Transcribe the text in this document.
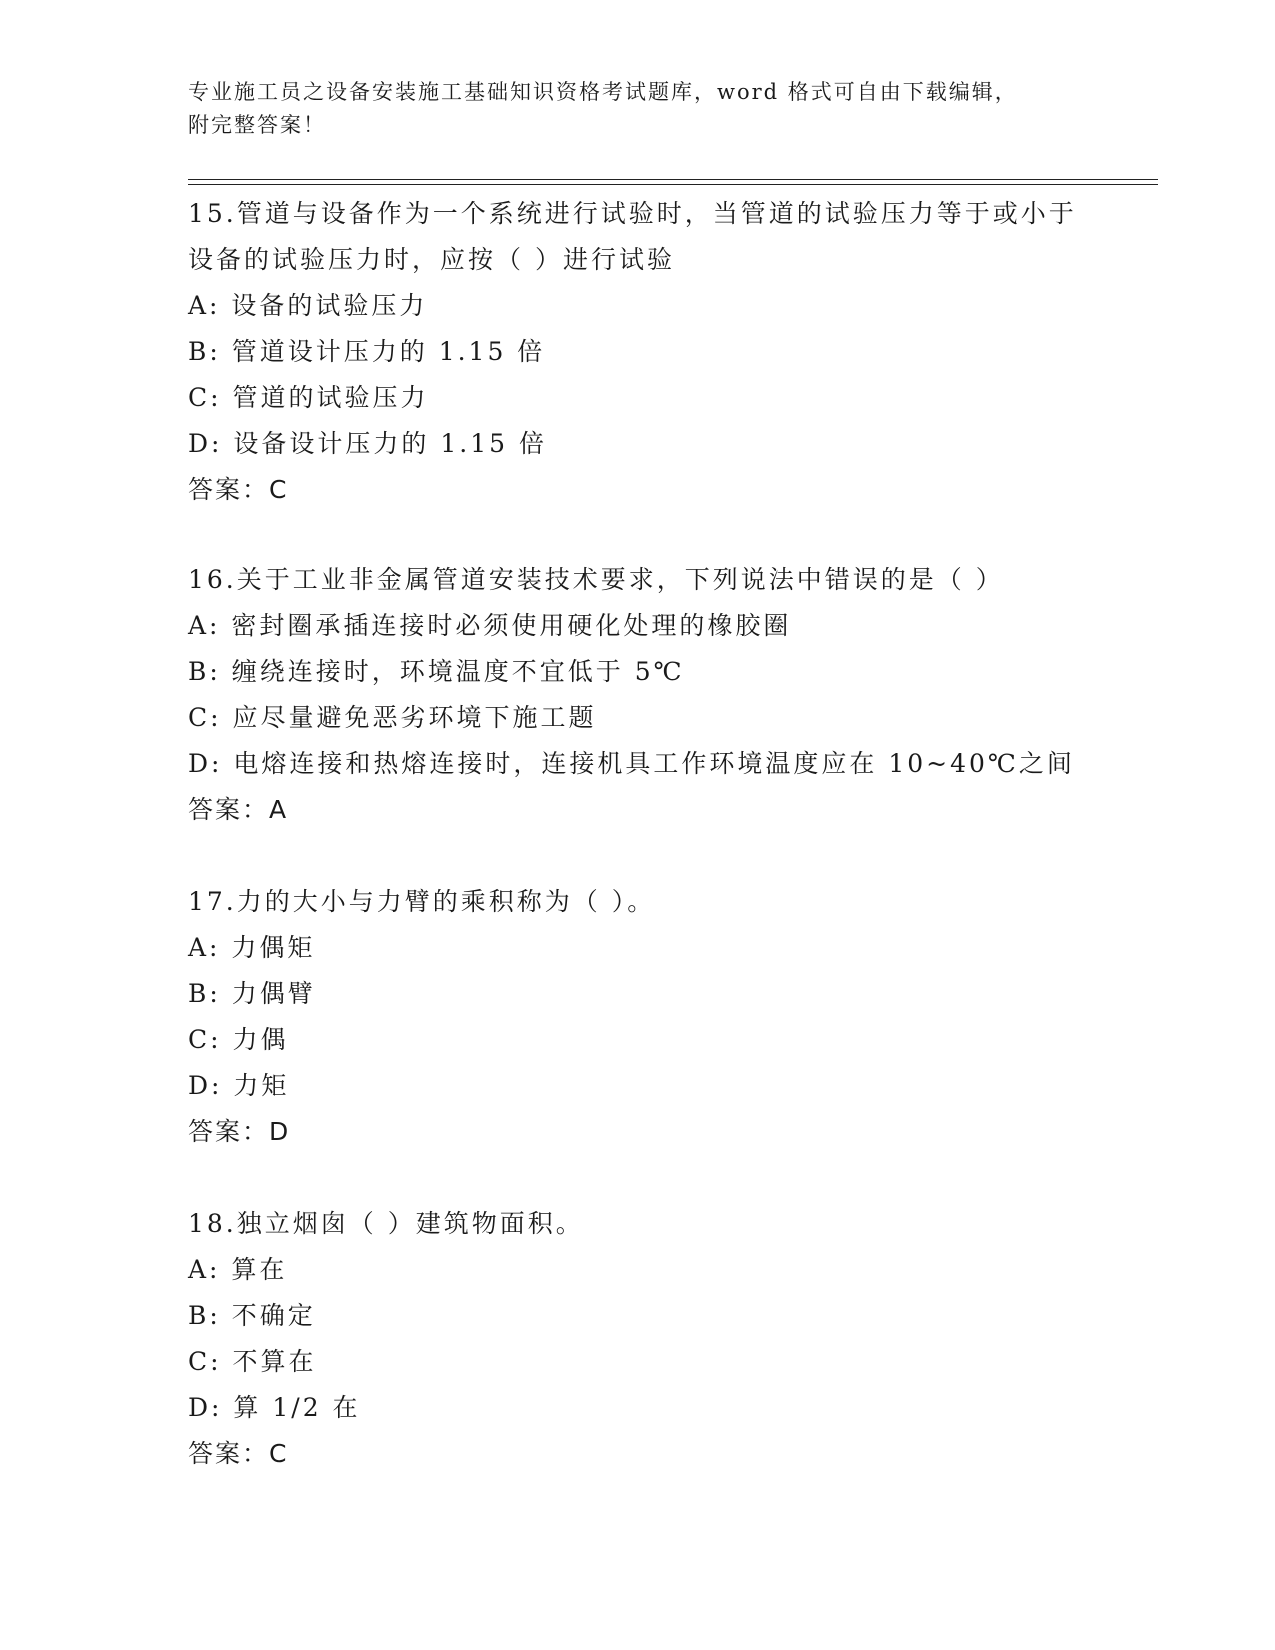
专业施工员之设备安装施工基础知识资格考试题库，word 格式可自由下载编辑，
附完整答案！
15.管道与设备作为一个系统进行试验时，当管道的试验压力等于或小于设备的试验压力时，应按（ ）进行试验
A: 设备的试验压力
B: 管道设计压力的 1.15 倍
C: 管道的试验压力
D: 设备设计压力的 1.15 倍
答案：C
16.关于工业非金属管道安装技术要求，下列说法中错误的是（ ）
A: 密封圈承插连接时必须使用硬化处理的橡胶圈
B: 缠绕连接时，环境温度不宜低于 5℃
C: 应尽量避免恶劣环境下施工题
D: 电熔连接和热熔连接时，连接机具工作环境温度应在 10~40℃之间
答案：A
17.力的大小与力臂的乘积称为（ ）。
A: 力偶矩
B: 力偶臂
C: 力偶
D: 力矩
答案：D
18.独立烟囱（ ）建筑物面积。
A: 算在
B: 不确定
C: 不算在
D: 算 1/2 在
答案：C
